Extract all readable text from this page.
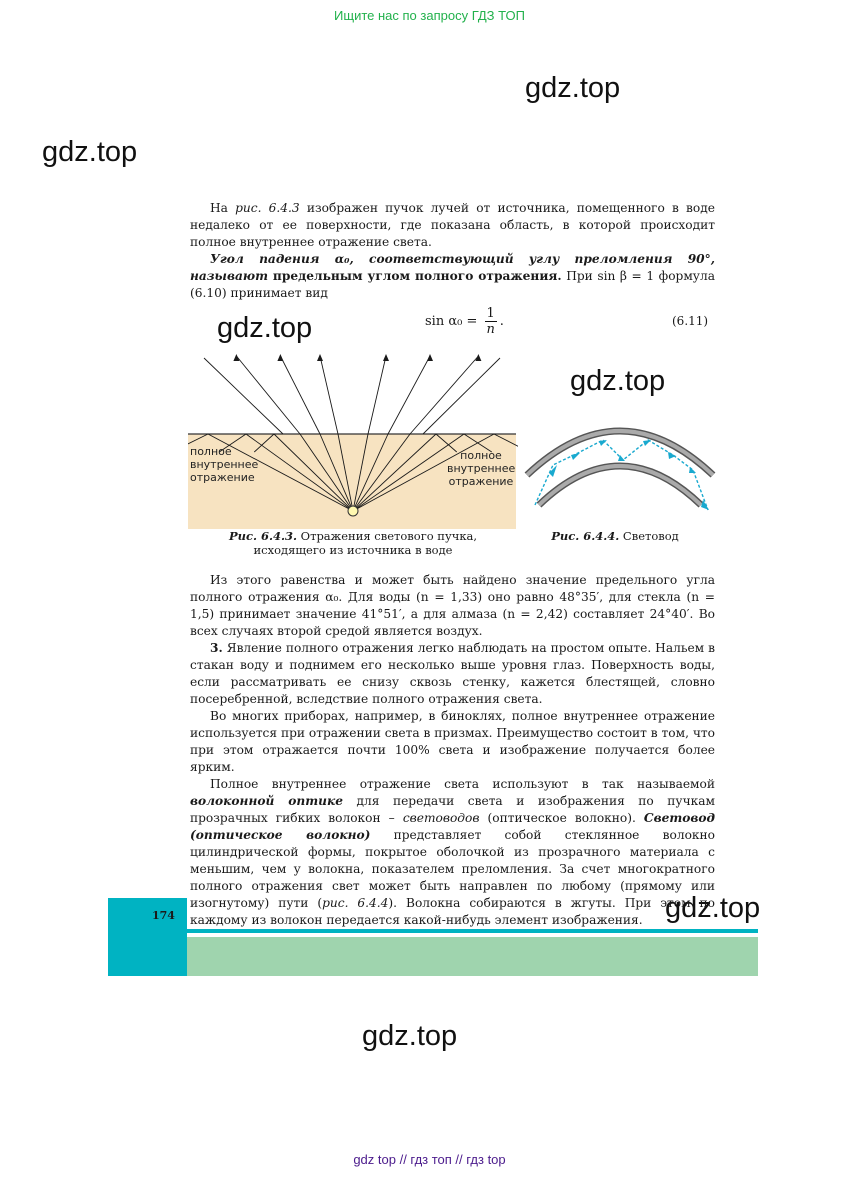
Ищите нас по запросу ГДЗ ТОП
gdz.top
gdz.top
gdz.top
gdz.top
gdz.top
gdz.top

На рис. 6.4.3 изображен пучок лучей от источника, помещенного в воде недалеко от ее поверхности, где показана область, в которой происходит полное внутреннее отражение света.

Угол падения α₀, соответствующий углу преломления 90°, называют предельным углом полного отражения. При sin β = 1 формула (6.10) принимает вид

$\sin \alpha_0 = \frac{1}{n}$ .	(6.11)
полное
внутреннее
отражение
полное
внутреннее
отражение
Рис. 6.4.3. Отражения светового пучка, исходящего из источника в воде
Рис. 6.4.4. Световод

Из этого равенства и может быть найдено значение предельного угла полного отражения α₀. Для воды (n = 1,33) оно равно 48°35′, для стекла (n = 1,5) принимает значение 41°51′, а для алмаза (n = 2,42) составляет 24°40′. Во всех случаях второй средой является воздух.

3. Явление полного отражения легко наблюдать на простом опыте. Нальем в стакан воду и поднимем его несколько выше уровня глаз. Поверхность воды, если рассматривать ее снизу сквозь стенку, кажется блестящей, словно посеребренной, вследствие полного отражения света.

Во многих приборах, например, в биноклях, полное внутреннее отражение используется при отражении света в призмах. Преимущество состоит в том, что при этом отражается почти 100% света и изображение получается более ярким.

Полное внутреннее отражение света используют в так называемой волоконной оптике для передачи света и изображения по пучкам прозрачных гибких волокон – световодов (оптическое волокно). Световод (оптическое волокно) представляет собой стеклянное волокно цилиндрической формы, покрытое оболочкой из прозрачного материала с меньшим, чем у волокна, показателем преломления. За счет многократного полного отражения свет может быть направлен по любому (прямому или изогнутому) пути (рис. 6.4.4). Волокна собираются в жгуты. При этом по каждому из волокон передается какой-нибудь элемент изображения.

174
gdz top // гдз топ // гдз top
